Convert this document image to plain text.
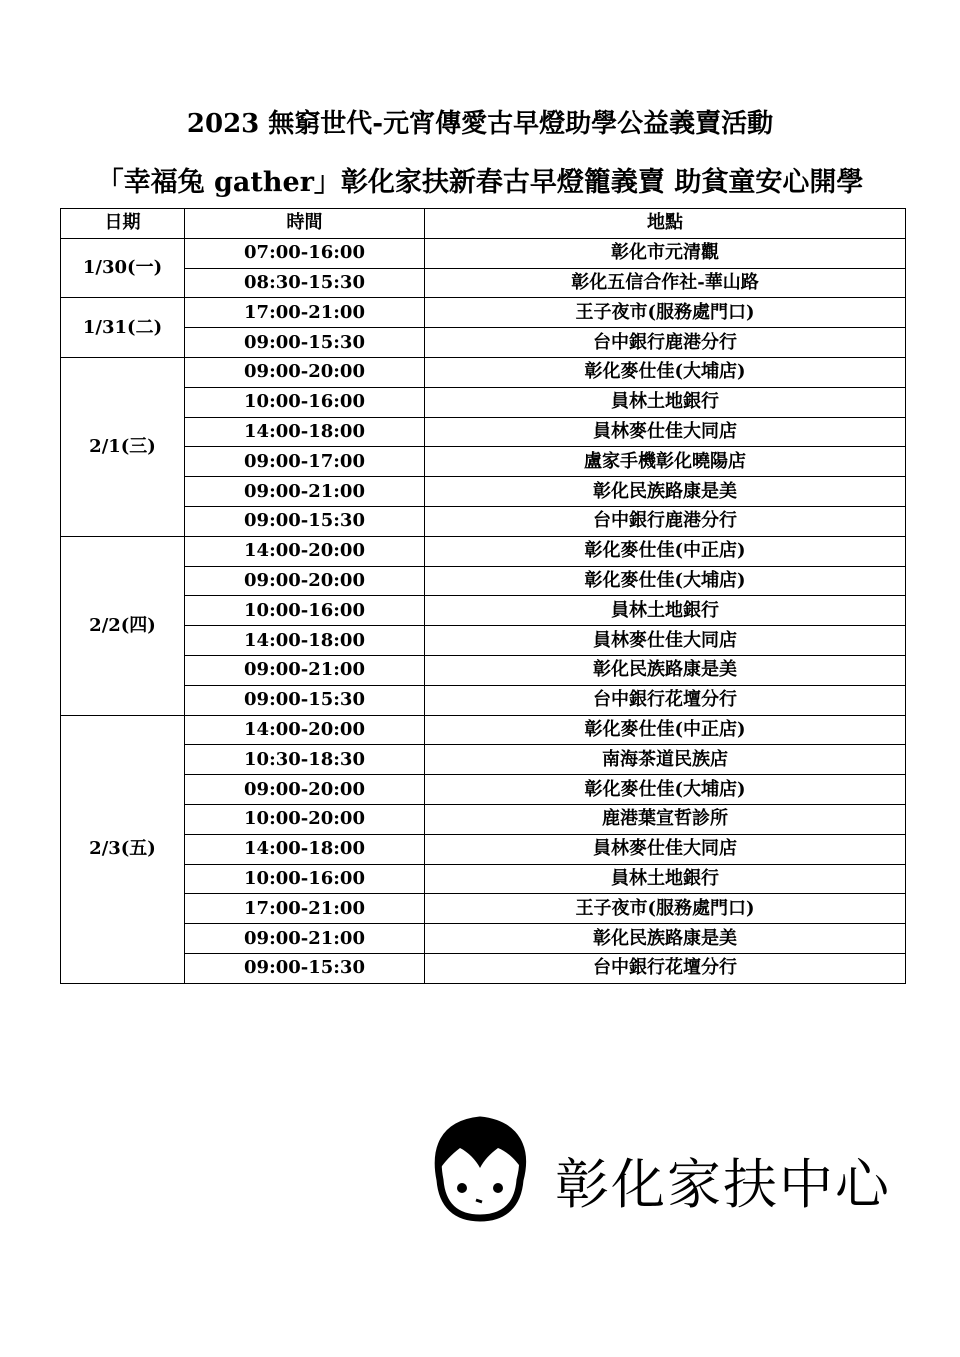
2023 無窮世代-元宵傳愛古早燈助學公益義賣活動
「幸福兔 gather」彰化家扶新春古早燈籠義賣 助貧童安心開學
日期	時間	地點
1/30(一)	07:00-16:00	彰化市元清觀
	08:30-15:30	彰化五信合作社-華山路
1/31(二)	17:00-21:00	王子夜市(服務處門口)
	09:00-15:30	台中銀行鹿港分行
2/1(三)	09:00-20:00	彰化麥仕佳(大埔店)
	10:00-16:00	員林土地銀行
	14:00-18:00	員林麥仕佳大同店
	09:00-17:00	盧家手機彰化曉陽店
	09:00-21:00	彰化民族路康是美
	09:00-15:30	台中銀行鹿港分行
2/2(四)	14:00-20:00	彰化麥仕佳(中正店)
	09:00-20:00	彰化麥仕佳(大埔店)
	10:00-16:00	員林土地銀行
	14:00-18:00	員林麥仕佳大同店
	09:00-21:00	彰化民族路康是美
	09:00-15:30	台中銀行花壇分行
2/3(五)	14:00-20:00	彰化麥仕佳(中正店)
	10:30-18:30	南海茶道民族店
	09:00-20:00	彰化麥仕佳(大埔店)
	10:00-20:00	鹿港葉宣哲診所
	14:00-18:00	員林麥仕佳大同店
	10:00-16:00	員林土地銀行
	17:00-21:00	王子夜市(服務處門口)
	09:00-21:00	彰化民族路康是美
	09:00-15:30	台中銀行花壇分行
彰化家扶中心
